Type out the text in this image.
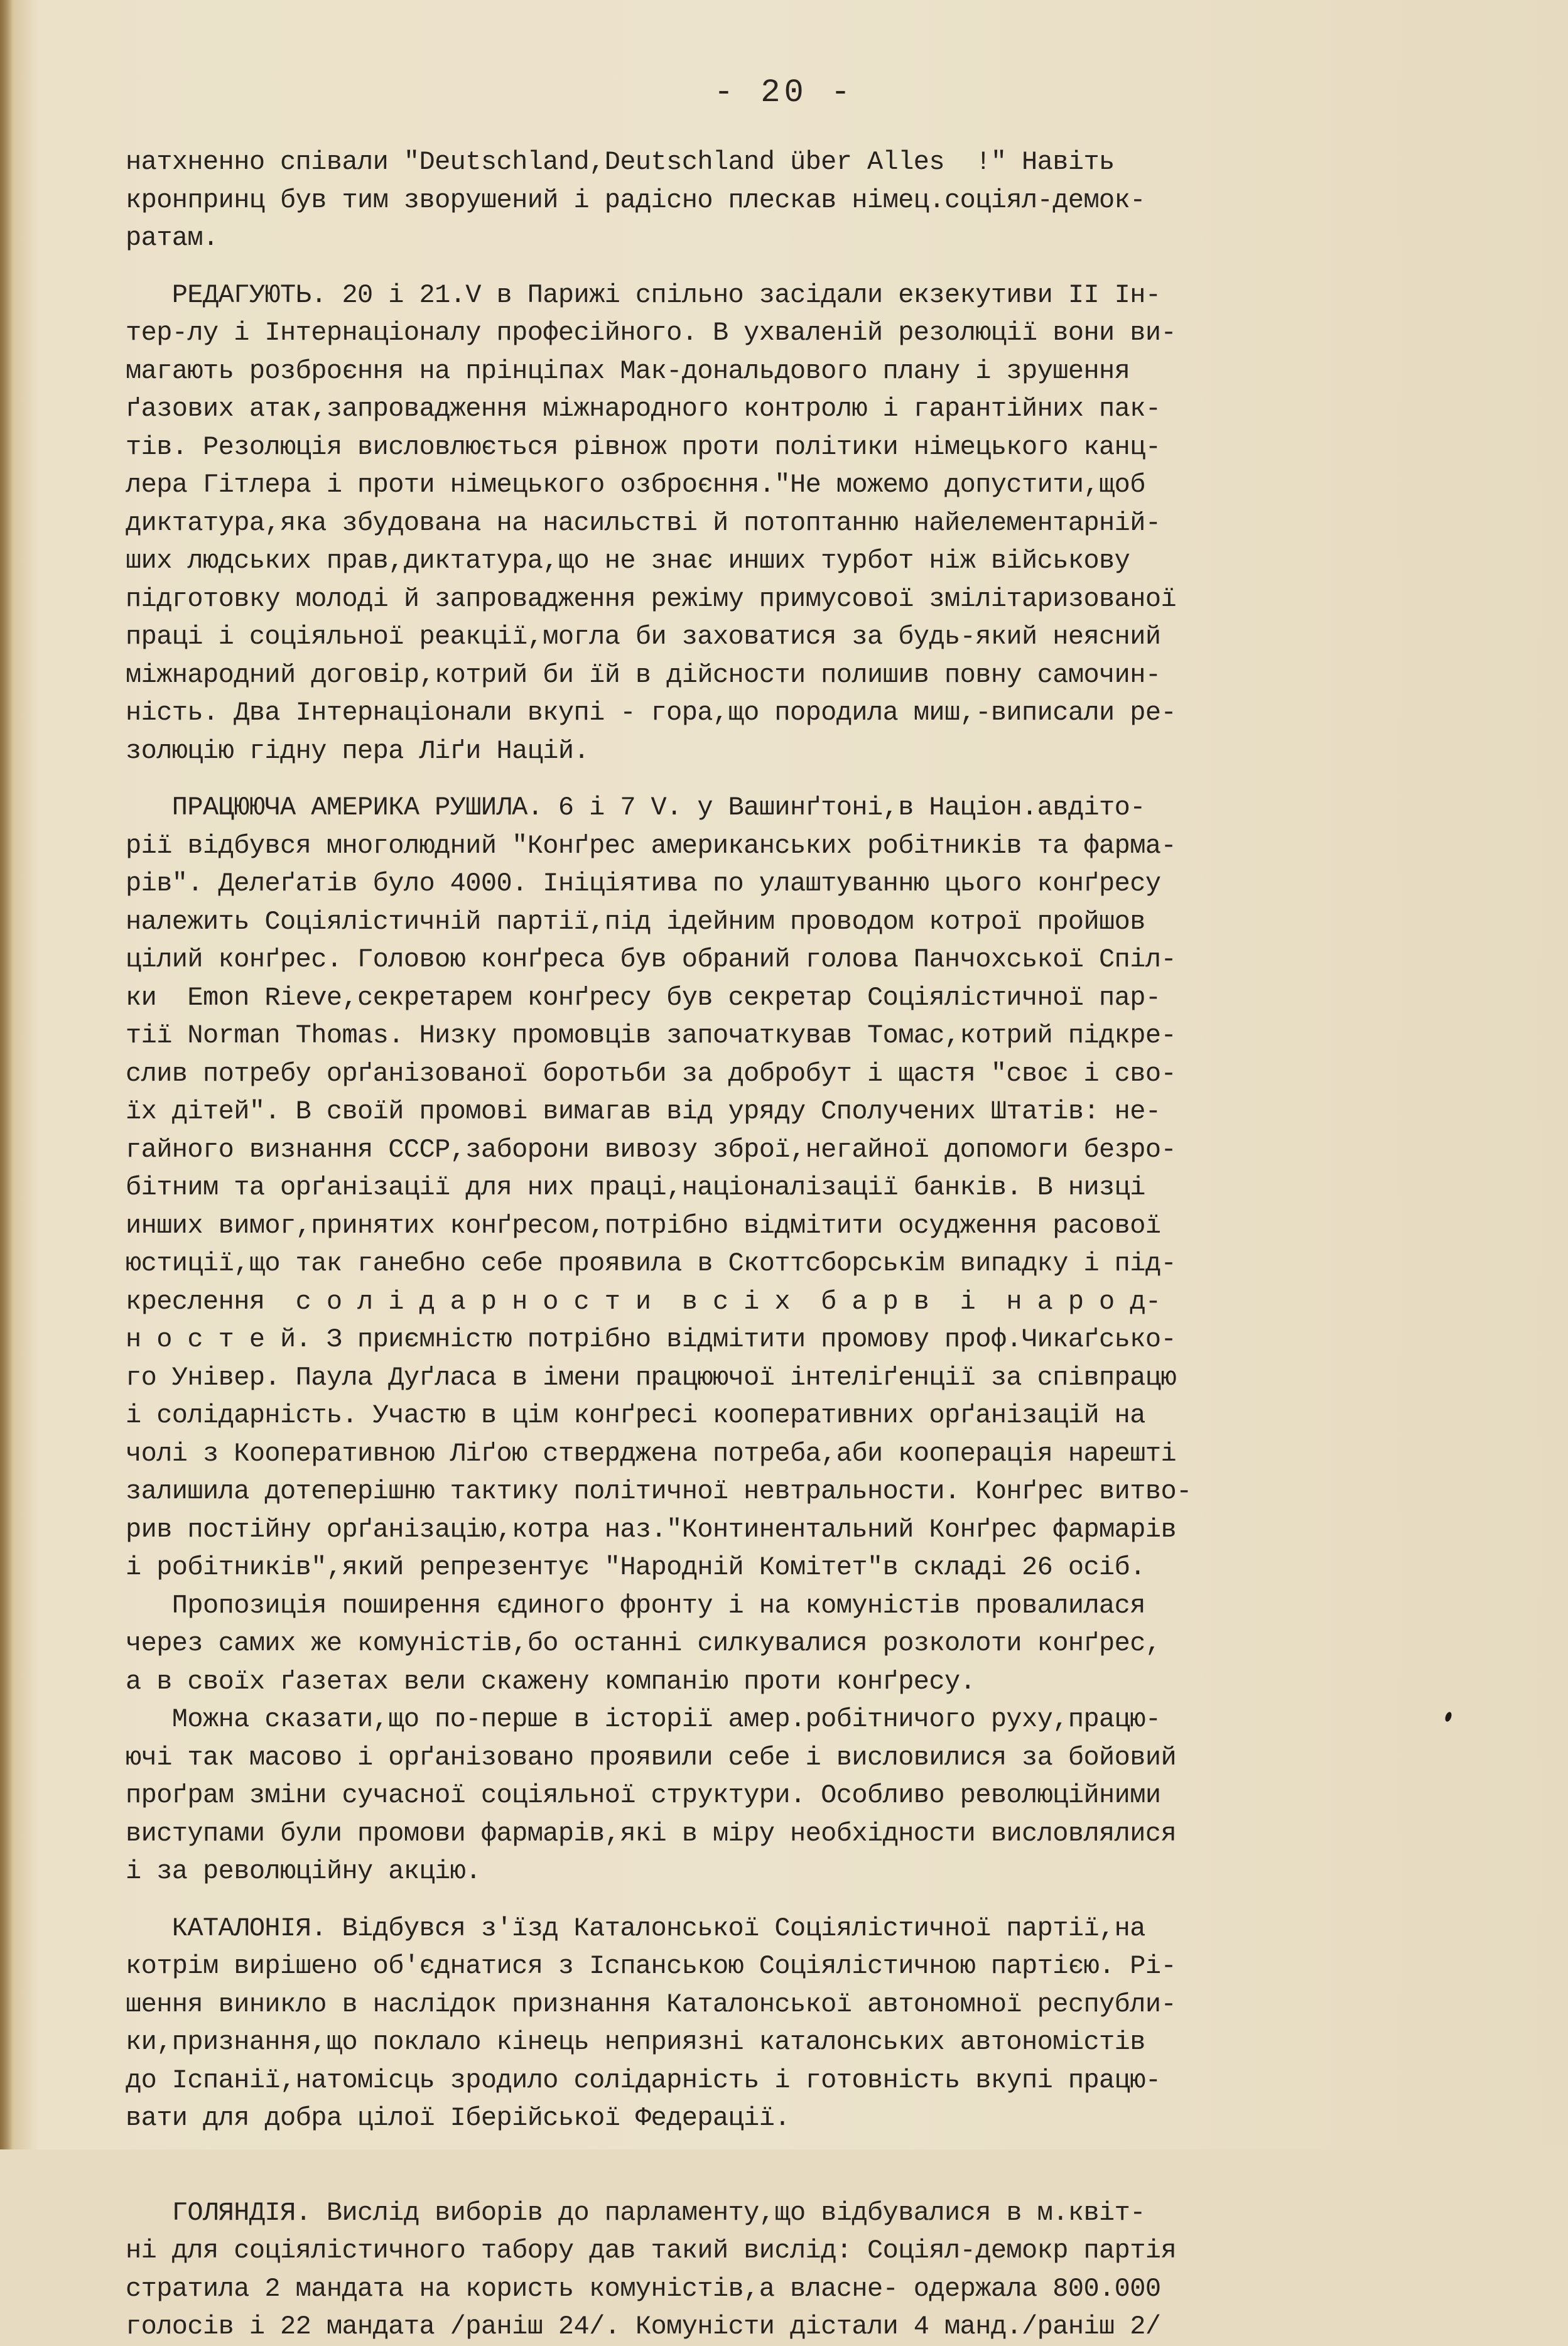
- 20 -
натхненно співали "Deutschland,Deutschland über Alles  !" Навіть
кронпринц був тим зворушений і радісно плескав німец.соціял-демок-
ратам.
РЕДАГУЮТЬ. 20 і 21.V в Парижі спільно засідали екзекутиви II Ін-
тер-лу і Інтернаціоналу професійного. В ухваленій резолюції вони ви-
магають розброєння на прінціпах Мак-дональдового плану і зрушення
ґазових атак,запровадження міжнародного контролю і гарантійних пак-
тів. Резолюція висловлюється рівнож проти політики німецького канц-
лера Гітлера і проти німецького озброєння."Не можемо допустити,щоб
диктатура,яка збудована на насильстві й потоптанню найелементарній-
ших людських прав,диктатура,що не знає инших турбот ніж військову
підготовку молоді й запровадження режіму примусової змілітаризованої
праці і соціяльної реакції,могла би заховатися за будь-який неясний
міжнародний договір,котрий би їй в дійсности полишив повну самочин-
ність. Два Інтернаціонали вкупі - гора,що породила миш,-виписали ре-
золюцію гідну пера Ліґи Націй.
ПРАЦЮЮЧА АМЕРИКА РУШИЛА. 6 і 7 V. у Вашинґтоні,в Націон.авдіто-
рії відбувся многолюдний "Конґрес американських робітників та фарма-
рів". Делеґатів було 4000. Ініціятива по улаштуванню цього конґресу
належить Соціялістичній партії,під ідейним проводом котрої пройшов
цілий конґрес. Головою конґреса був обраний голова Панчохської Спіл-
ки  Emon Rieve,секретарем конґресу був секретар Соціялістичної пар-
тії Norman Thomas. Низку промовців започаткував Томас,котрий підкре-
слив потребу орґанізованої боротьби за добробут і щастя "своє і сво-
їх дітей". В своїй промові вимагав від уряду Сполучених Штатів: не-
гайного визнання СССР,заборони вивозу зброї,негайної допомоги безро-
бітним та орґанізації для них праці,націоналізації банків. В низці
инших вимог,принятих конґресом,потрібно відмітити осудження расової
юстиції,що так ганебно себе проявила в Скоттсборськім випадку і під-
креслення  с о л і д а р н о с т и  в с і х  б а р в  і  н а р о д-
н о с т е й. З приємністю потрібно відмітити промову проф.Чикаґсько-
го Унівeр. Паула Дуґласа в імени працюючої інтеліґенції за співпрацю
і солідарність. Участю в цім конґресі кооперативних орґанізацій на
чолі з Кооперативною Ліґою стверджена потреба,аби кооперація нарешті
залишила дотеперішню тактику політичної невтральности. Конґрес витво-
рив постійну орґанізацію,котра наз."Континентальний Конґрес фармарів
і робітників",який репрезентує "Народній Комітет"в складі 26 осіб.
Пропозиція поширення єдиного фронту і на комуністів провалилася
через самих же комуністів,бо останні силкувалися розколоти конґрес,
а в своїх ґазетах вели скажену компанію проти конґресу.
Можна сказати,що по-перше в історії амер.робітничого руху,працю-
ючі так масово і орґанізовано проявили себе і висловилися за бойовий
проґрам зміни сучасної соціяльної структури. Особливо революційними
виступами були промови фармарів,які в міру необхідности висловлялися
і за революційну акцію.
КАТАЛОНІЯ. Відбувся з'їзд Каталонської Соціялістичної партії,на
котрім вирішено об'єднатися з Іспанською Соціялістичною партією. Рі-
шення виникло в наслідок признання Каталонської автономної республи-
ки,признання,що поклало кінець неприязні каталонських автономістів
до Іспанії,натомісць зродило солідарність і готовність вкупі працю-
вати для добра цілої Іберійської Федерації.
ГОЛЯНДІЯ. Вислід виборів до парламенту,що відбувалися в м.квіт-
ні для соціялістичного табору дав такий вислід: Соціял-демокр партія
стратила 2 мандата на користь комуністів,а власне- одержала 800.000
голосів і 22 мандата /раніш 24/. Комуністи дістали 4 манд./раніш 2/
